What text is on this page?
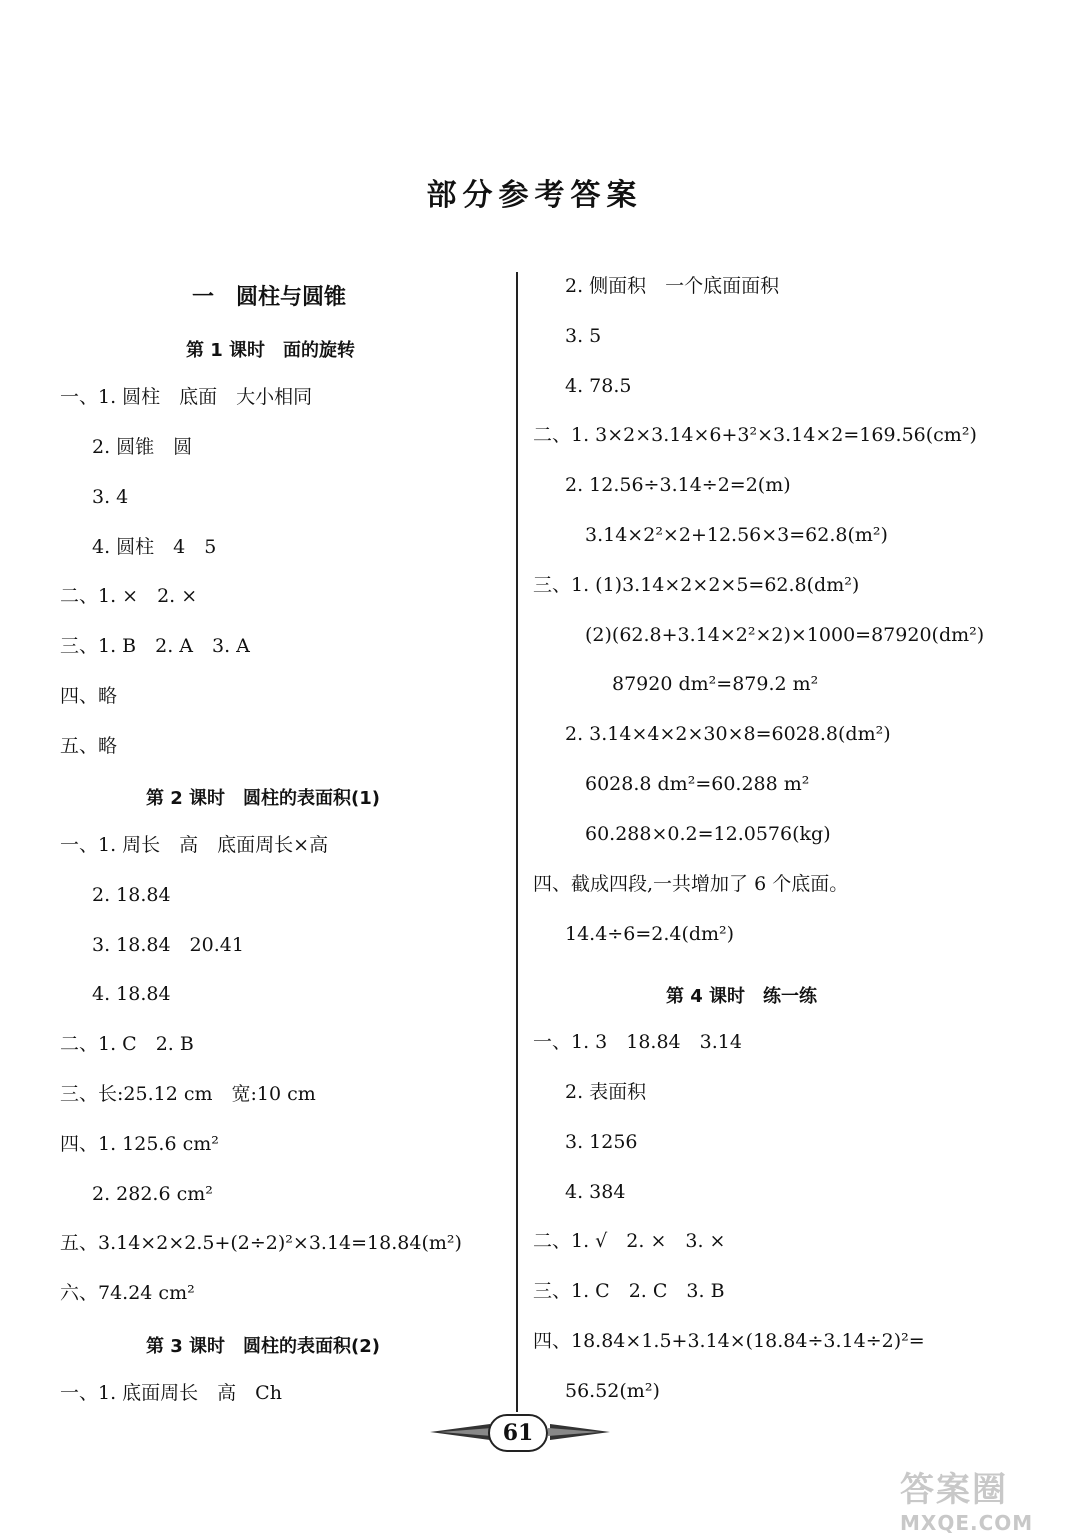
部分参考答案
一　圆柱与圆锥
第 1 课时　面的旋转
一、1. 圆柱　底面　大小相同
2. 圆锥　圆
3. 4
4. 圆柱　4　5
二、1. ×　2. ×
三、1. B　2. A　3. A
四、略
五、略
第 2 课时　圆柱的表面积(1)
一、1. 周长　高　底面周长×高
2. 18.84
3. 18.84　20.41
4. 18.84
二、1. C　2. B
三、长:25.12 cm　宽:10 cm
四、1. 125.6 cm²
2. 282.6 cm²
五、3.14×2×2.5+(2÷2)²×3.14=18.84(m²)
六、74.24 cm²
第 3 课时　圆柱的表面积(2)
一、1. 底面周长　高　Ch
2. 侧面积　一个底面面积
3. 5
4. 78.5
二、1. 3×2×3.14×6+3²×3.14×2=169.56(cm²)
2. 12.56÷3.14÷2=2(m)
3.14×2²×2+12.56×3=62.8(m²)
三、1. (1)3.14×2×2×5=62.8(dm²)
(2)(62.8+3.14×2²×2)×1000=87920(dm²)
87920 dm²=879.2 m²
2. 3.14×4×2×30×8=6028.8(dm²)
6028.8 dm²=60.288 m²
60.288×0.2=12.0576(kg)
四、截成四段,一共增加了 6 个底面。
14.4÷6=2.4(dm²)
第 4 课时　练一练
一、1. 3　18.84　3.14
2. 表面积
3. 1256
4. 384
二、1. √　2. ×　3. ×
三、1. C　2. C　3. B
四、18.84×1.5+3.14×(18.84÷3.14÷2)²=
56.52(m²)
61
答案圈
MXQE.COM
